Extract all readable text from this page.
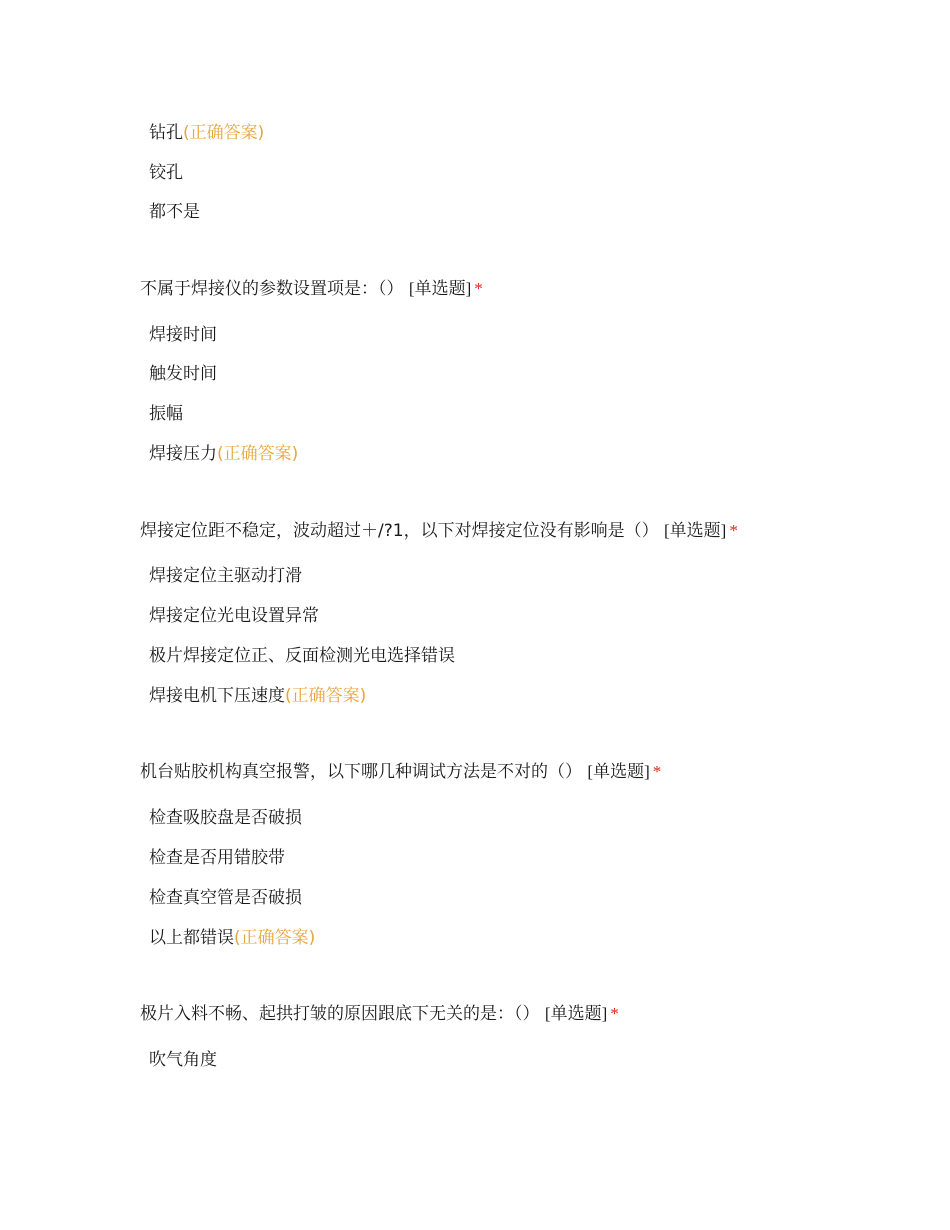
钻孔(正确答案)
铰孔
都不是
不属于焊接仪的参数设置项是：（） [单选题] *
焊接时间
触发时间
振幅
焊接压力(正确答案)
焊接定位距不稳定，波动超过＋/?1，以下对焊接定位没有影响是（） [单选题] *
焊接定位主驱动打滑
焊接定位光电设置异常
极片焊接定位正、反面检测光电选择错误
焊接电机下压速度(正确答案)
机台贴胶机构真空报警，以下哪几种调试方法是不对的（） [单选题] *
检查吸胶盘是否破损
检查是否用错胶带
检查真空管是否破损
以上都错误(正确答案)
极片入料不畅、起拱打皱的原因跟底下无关的是：（） [单选题] *
吹气角度
